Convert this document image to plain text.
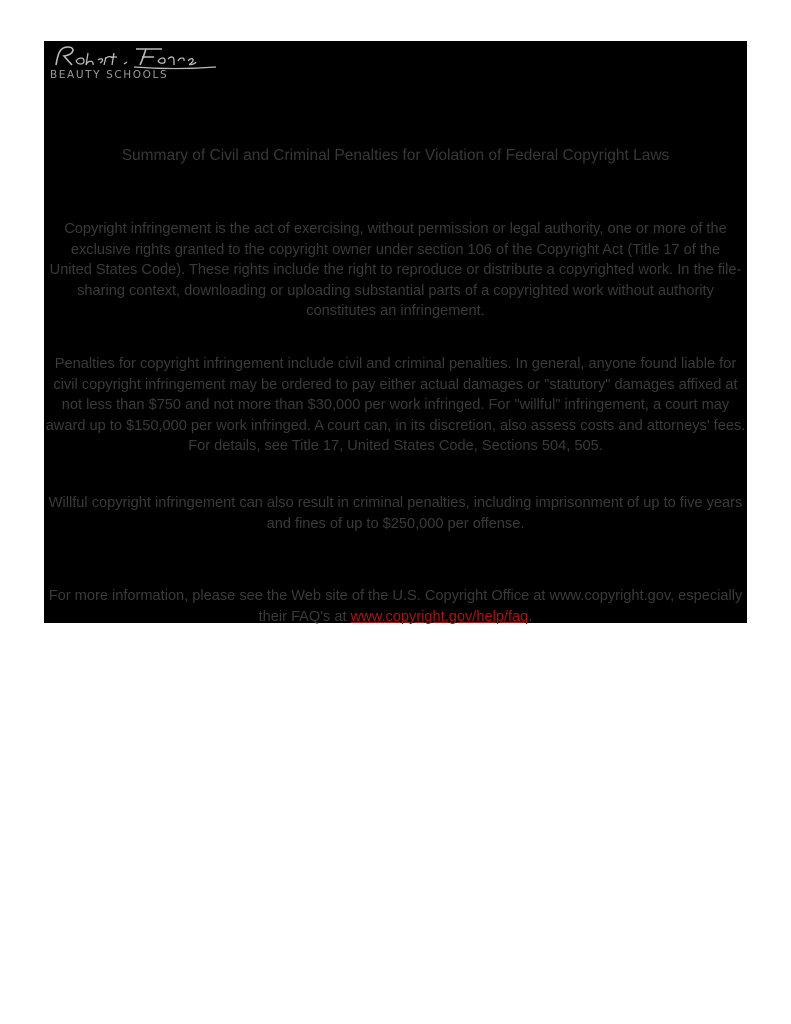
BEAUTY SCHOOLS
Summary of Civil and Criminal Penalties for Violation of Federal Copyright Laws

Copyright infringement is the act of exercising, without permission or legal authority, one or more of the exclusive rights granted to the copyright owner under section 106 of the Copyright Act (Title 17 of the United States Code). These rights include the right to reproduce or distribute a copyrighted work. In the file-sharing context, downloading or uploading substantial parts of a copyrighted work without authority constitutes an infringement.

Penalties for copyright infringement include civil and criminal penalties. In general, anyone found liable for civil copyright infringement may be ordered to pay either actual damages or "statutory" damages affixed at not less than $750 and not more than $30,000 per work infringed. For "willful" infringement, a court may award up to $150,000 per work infringed. A court can, in its discretion, also assess costs and attorneys' fees. For details, see Title 17, United States Code, Sections 504, 505.

Willful copyright infringement can also result in criminal penalties, including imprisonment of up to five years and fines of up to $250,000 per offense.

For more information, please see the Web site of the U.S. Copyright Office at www.copyright.gov, especially their FAQ's at www.copyright.gov/help/faq.
